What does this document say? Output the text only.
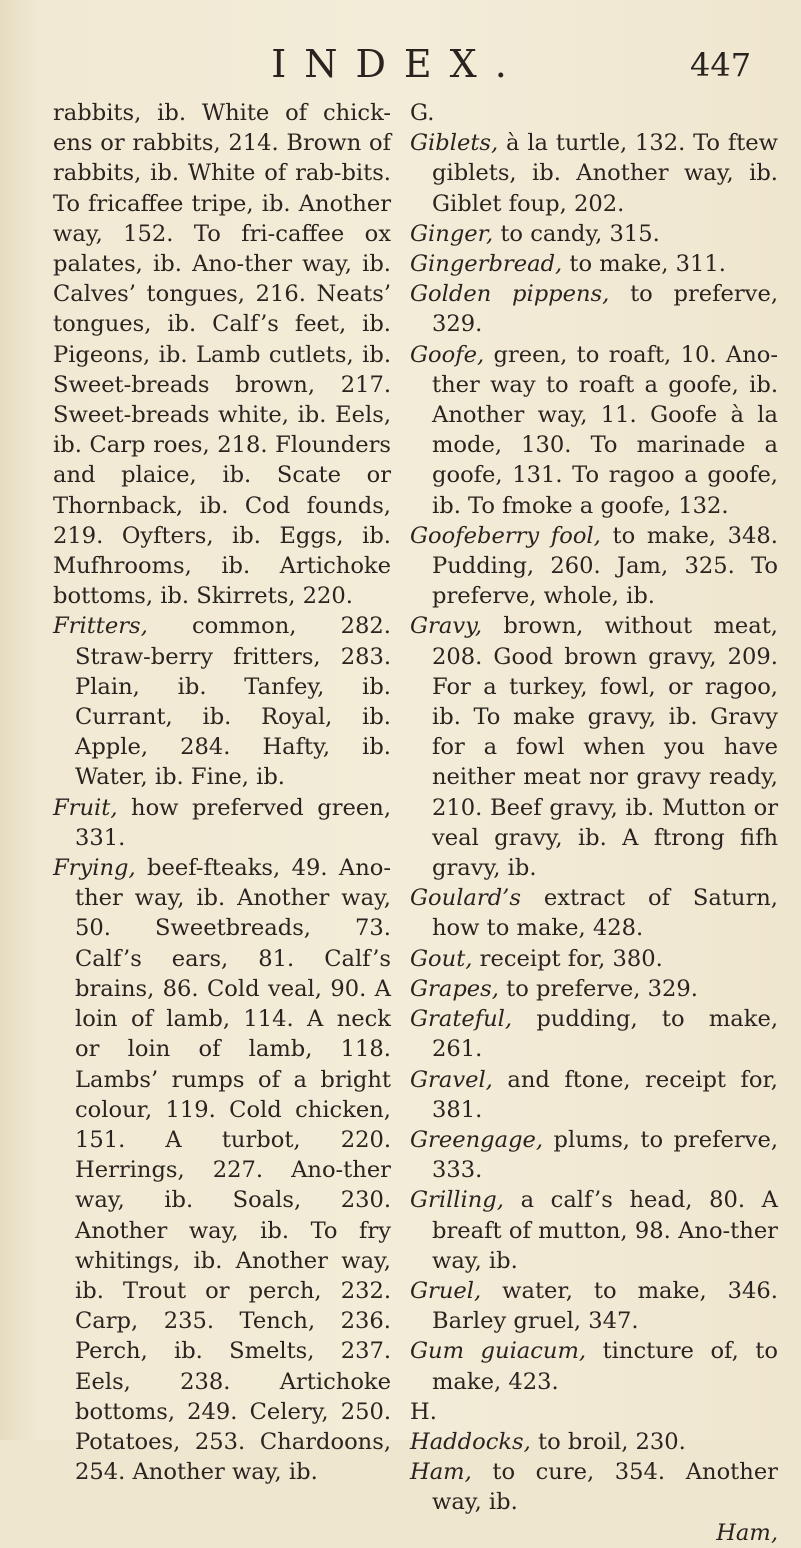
INDEX.	447

rabbits, ib. White of chick-ens or rabbits, 214. Brown of rabbits, ib. White of rab-bits. To fricaffee tripe, ib. Another way, 152. To fri-caffee ox palates, ib. Ano-ther way, ib. Calves’ tongues, 216. Neats’ tongues, ib. Calf’s feet, ib. Pigeons, ib. Lamb cutlets, ib. Sweet-breads brown, 217. Sweet-breads white, ib. Eels, ib. Carp roes, 218. Flounders and plaice, ib. Scate or Thornback, ib. Cod founds, 219. Oyfters, ib. Eggs, ib. Mufhrooms, ib. Artichoke bottoms, ib. Skirrets, 220.

Fritters, common, 282. Straw-berry fritters, 283. Plain, ib. Tanfey, ib. Currant, ib. Royal, ib. Apple, 284. Hafty, ib. Water, ib. Fine, ib.

Fruit, how preferved green, 331.

Frying, beef-fteaks, 49. Ano-ther way, ib. Another way, 50. Sweetbreads, 73. Calf’s ears, 81. Calf’s brains, 86. Cold veal, 90. A loin of lamb, 114. A neck or loin of lamb, 118. Lambs’ rumps of a bright colour, 119. Cold chicken, 151. A turbot, 220. Herrings, 227. Ano-ther way, ib. Soals, 230. Another way, ib. To fry whitings, ib. Another way, ib. Trout or perch, 232. Carp, 235. Tench, 236. Perch, ib. Smelts, 237. Eels, 238. Artichoke bottoms, 249. Celery, 250. Potatoes, 253. Chardoons, 254. Another way, ib.

G.

Giblets, à la turtle, 132. To ftew giblets, ib. Another way, ib. Giblet foup, 202.

Ginger, to candy, 315.

Gingerbread, to make, 311.

Golden pippens, to preferve, 329.

Goofe, green, to roaft, 10. Ano-ther way to roaft a goofe, ib. Another way, 11. Goofe à la mode, 130. To marinade a goofe, 131. To ragoo a goofe, ib. To fmoke a goofe, 132.

Goofeberry fool, to make, 348. Pudding, 260. Jam, 325. To preferve, whole, ib.

Gravy, brown, without meat, 208. Good brown gravy, 209. For a turkey, fowl, or ragoo, ib. To make gravy, ib. Gravy for a fowl when you have neither meat nor gravy ready, 210. Beef gravy, ib. Mutton or veal gravy, ib. A ftrong fifh gravy, ib.

Goulard’s extract of Saturn, how to make, 428.

Gout, receipt for, 380.

Grapes, to preferve, 329.

Grateful, pudding, to make, 261.

Gravel, and ftone, receipt for, 381.

Greengage, plums, to preferve, 333.

Grilling, a calf’s head, 80. A breaft of mutton, 98. Ano-ther way, ib.

Gruel, water, to make, 346. Barley gruel, 347.

Gum guiacum, tincture of, to make, 423.

H.

Haddocks, to broil, 230.

Ham, to cure, 354. Another way, ib.

Ham,
